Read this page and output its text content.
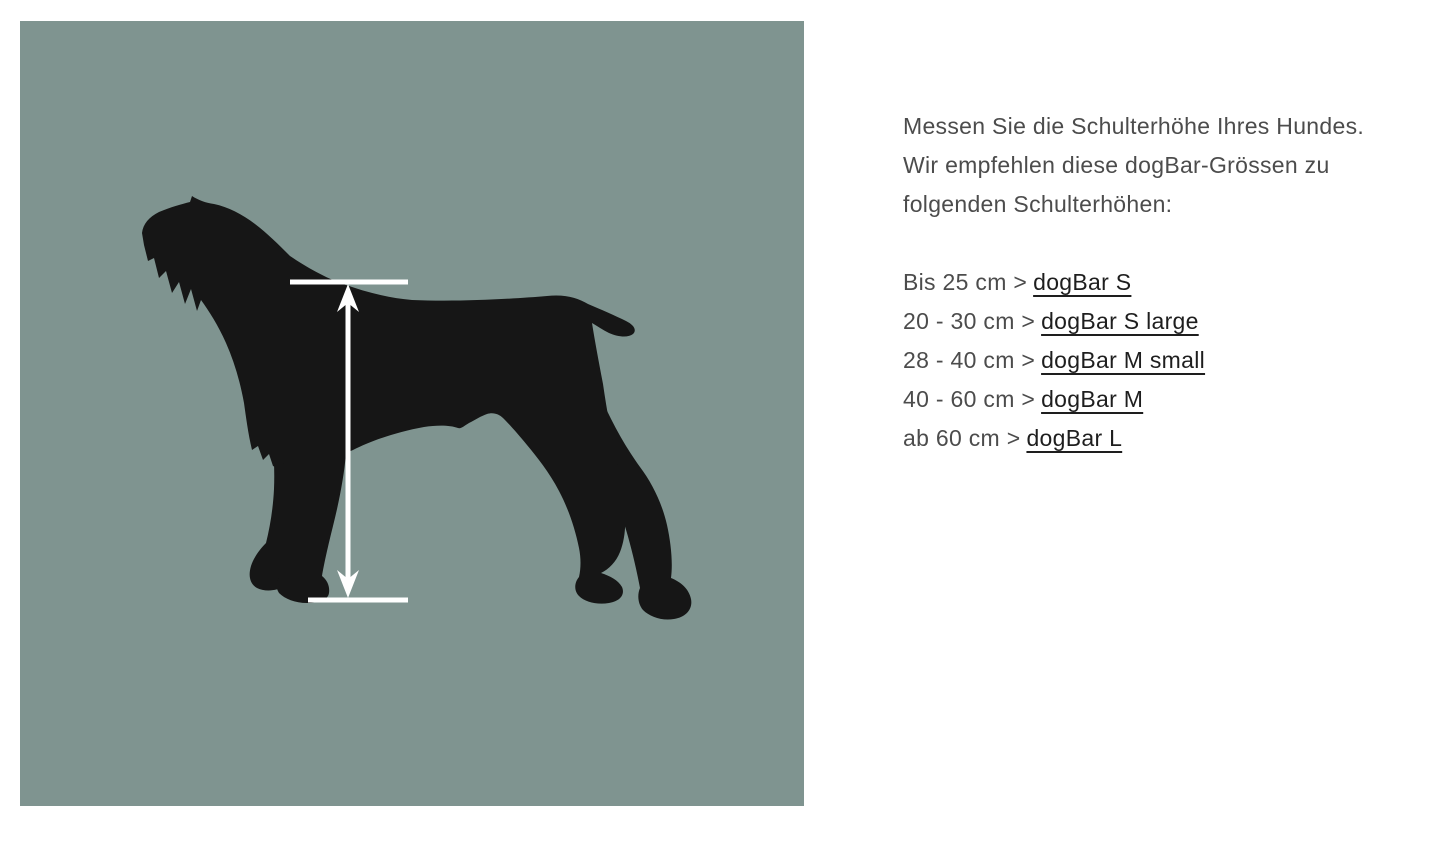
Messen Sie die Schulterhöhe Ihres Hundes.
Wir empfehlen diese dogBar-Grössen zu
folgenden Schulterhöhen:
Bis 25 cm > dogBar S
20 - 30 cm > dogBar S large
28 - 40 cm > dogBar M small
40 - 60 cm > dogBar M
ab 60 cm > dogBar L
